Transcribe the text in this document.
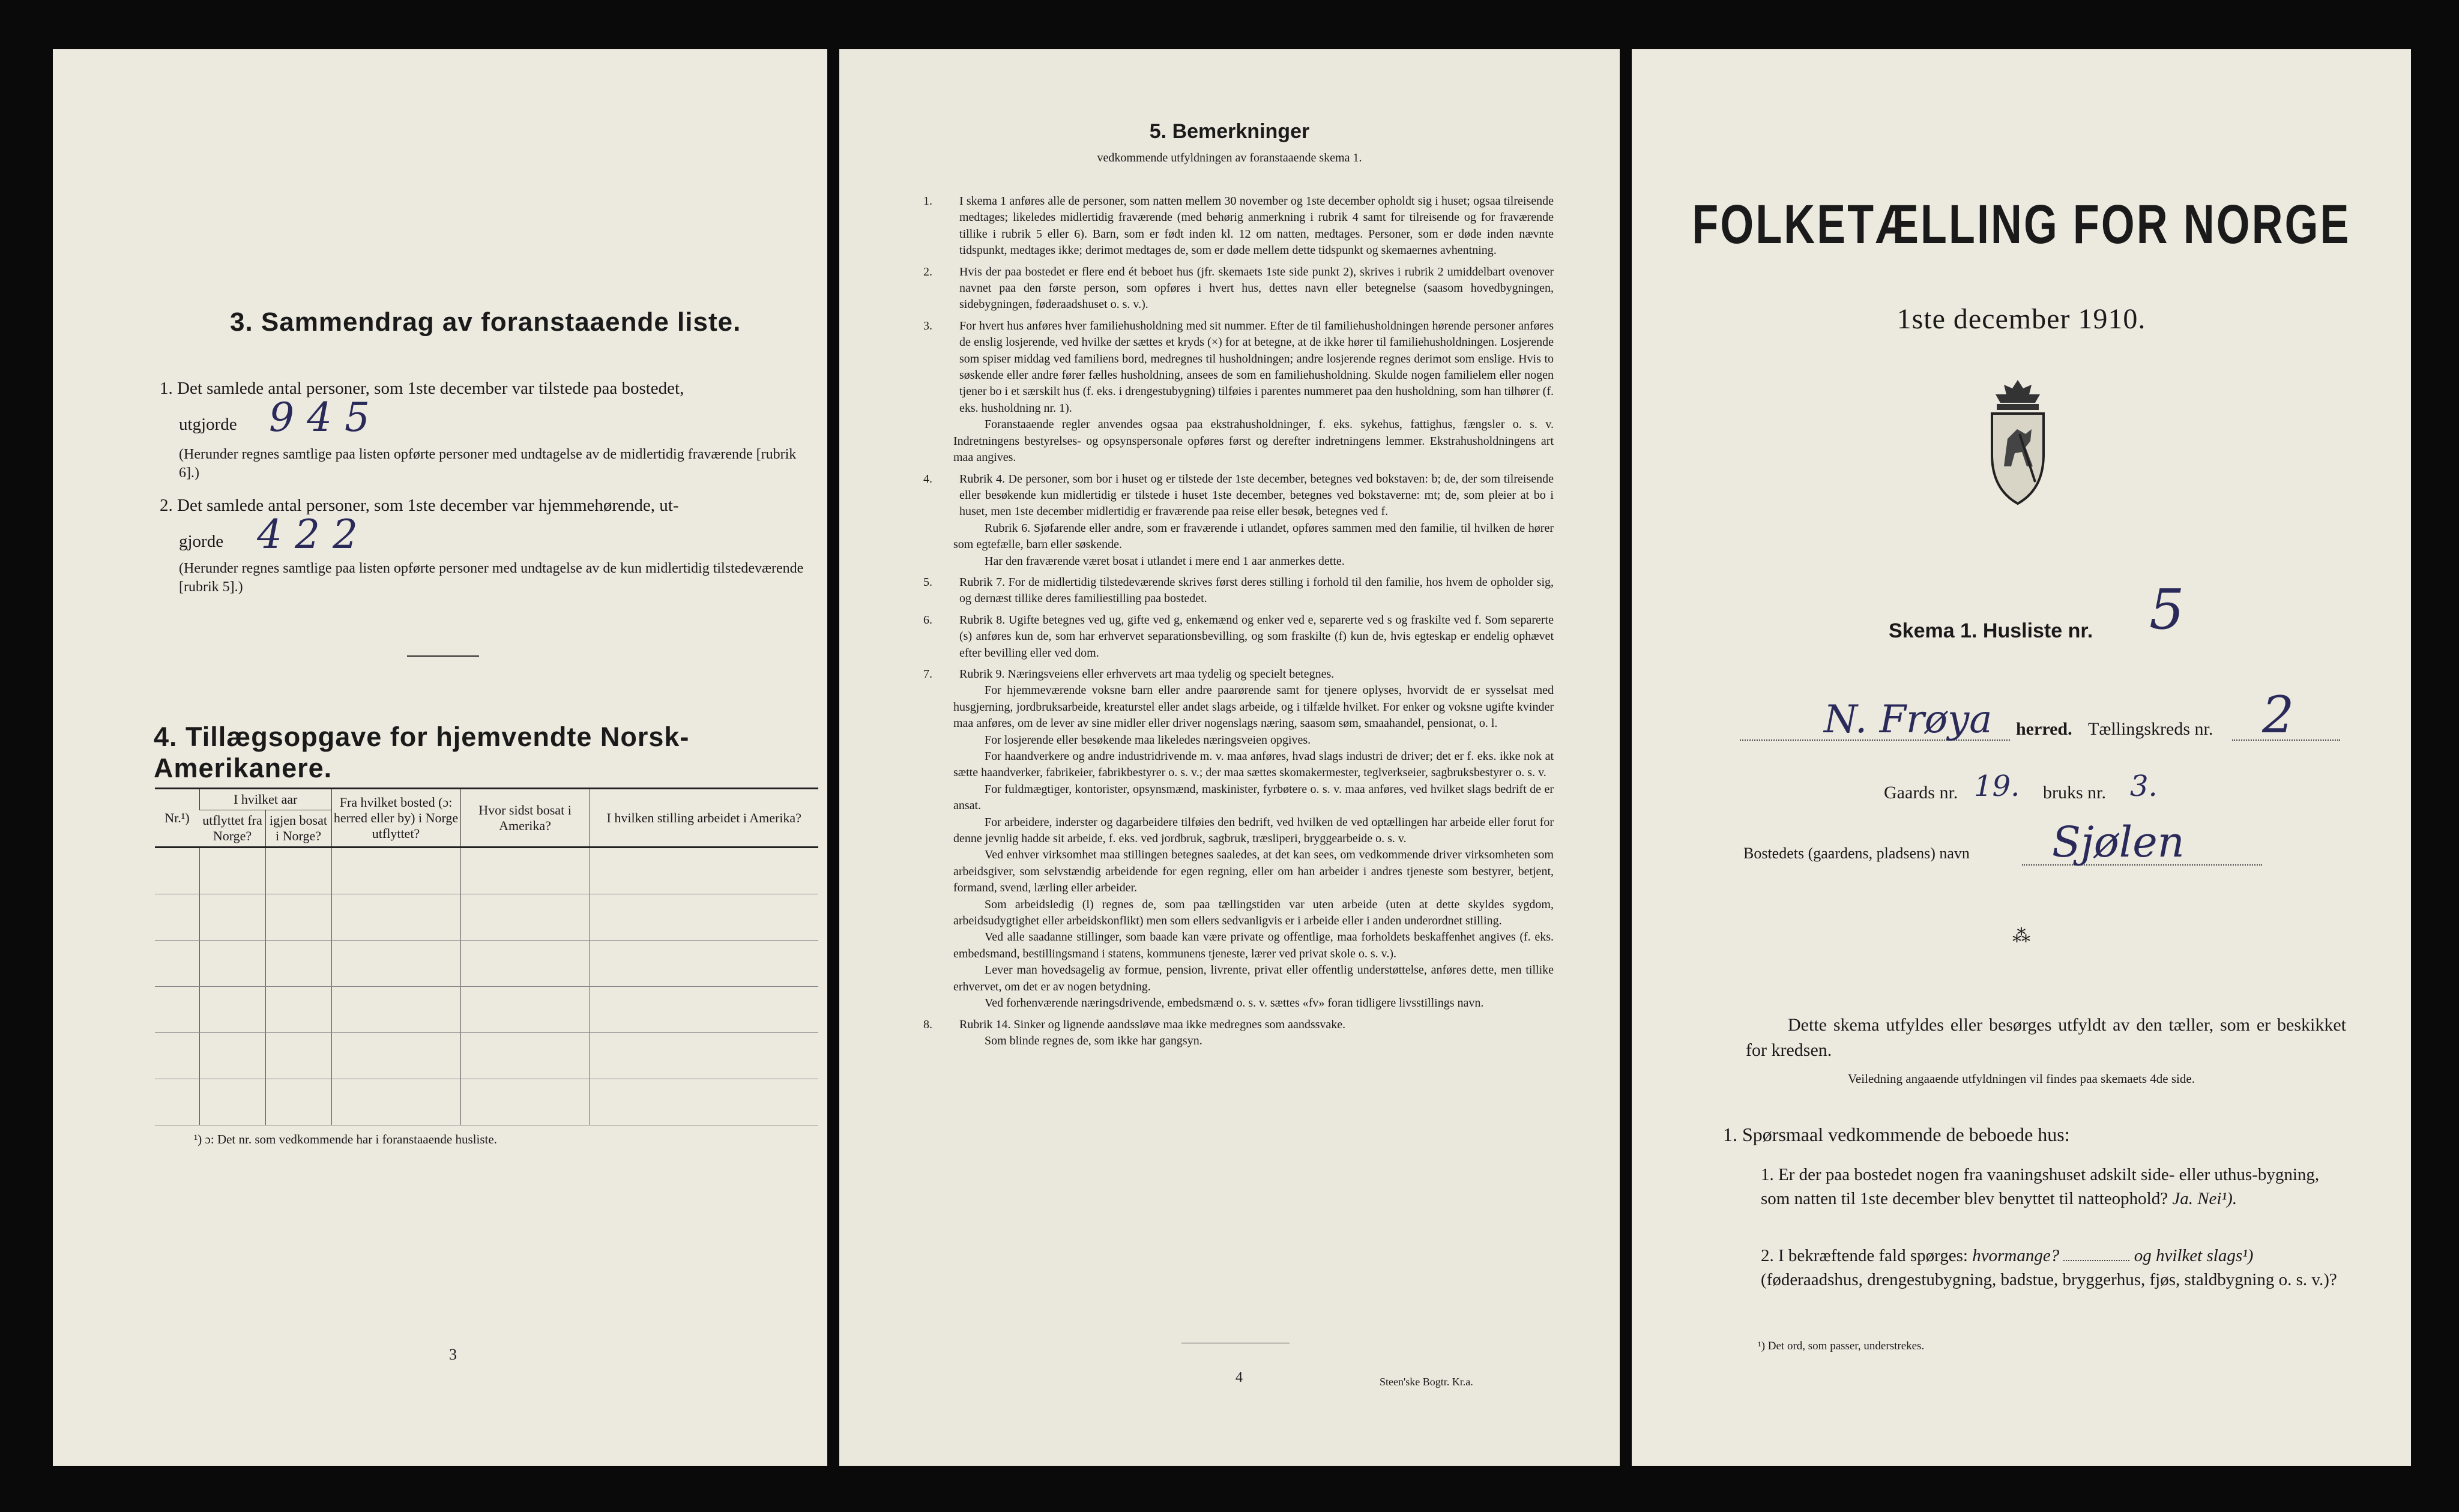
3. Sammendrag av foranstaaende liste.
1. Det samlede antal personer, som 1ste december var tilstede paa bostedet,
utgjorde 9 4 5
(Herunder regnes samtlige paa listen opførte personer med undtagelse av de midlertidig fraværende [rubrik 6].)
2. Det samlede antal personer, som 1ste december var hjemmehørende, ut-
gjorde 4 2 2
(Herunder regnes samtlige paa listen opførte personer med undtagelse av de kun midlertidig tilstedeværende [rubrik 5].)
4. Tillægsopgave for hjemvendte Norsk-Amerikanere.
Nr.¹)	I hvilket aar		Fra hvilket bosted (ɔ: herred eller by) i Norge utflyttet?	Hvor sidst bosat i Amerika?	I hvilken stilling arbeidet i Amerika?
	utflyttet fra Norge?	igjen bosat i Norge?			

¹) ɔ: Det nr. som vedkommende har i foranstaaende husliste.
3
5. Bemerkninger
vedkommende utfyldningen av foranstaaende skema 1.

1. I skema 1 anføres alle de personer, som natten mellem 30 november og 1ste december opholdt sig i huset; ogsaa tilreisende medtages; likeledes midlertidig fraværende (med behørig anmerkning i rubrik 4 samt for tilreisende og for fraværende tillike i rubrik 5 eller 6). Barn, som er født inden kl. 12 om natten, medtages. Personer, som er døde inden nævnte tidspunkt, medtages ikke; derimot medtages de, som er døde mellem dette tidspunkt og skemaernes avhentning.

2. Hvis der paa bostedet er flere end ét beboet hus (jfr. skemaets 1ste side punkt 2), skrives i rubrik 2 umiddelbart ovenover navnet paa den første person, som opføres i hvert hus, dettes navn eller betegnelse (saasom hovedbygningen, sidebygningen, føderaadshuset o. s. v.).

3. For hvert hus anføres hver familiehusholdning med sit nummer. Efter de til familiehusholdningen hørende personer anføres de enslig losjerende, ved hvilke der sættes et kryds (×) for at betegne, at de ikke hører til familiehusholdningen. Losjerende som spiser middag ved familiens bord, medregnes til husholdningen; andre losjerende regnes derimot som enslige. Hvis to søskende eller andre fører fælles husholdning, ansees de som en familiehusholdning. Skulde nogen familielem eller nogen tjener bo i et særskilt hus (f. eks. i drengestubygning) tilføies i parentes nummeret paa den husholdning, som han tilhører (f. eks. husholdning nr. 1).

Foranstaaende regler anvendes ogsaa paa ekstrahusholdninger, f. eks. sykehus, fattighus, fængsler o. s. v. Indretningens bestyrelses- og opsynspersonale opføres først og derefter indretningens lemmer. Ekstrahusholdningens art maa angives.

4. Rubrik 4. De personer, som bor i huset og er tilstede der 1ste december, betegnes ved bokstaven: b; de, der som tilreisende eller besøkende kun midlertidig er tilstede i huset 1ste december, betegnes ved bokstaverne: mt; de, som pleier at bo i huset, men 1ste december midlertidig er fraværende paa reise eller besøk, betegnes ved f.

Rubrik 6. Sjøfarende eller andre, som er fraværende i utlandet, opføres sammen med den familie, til hvilken de hører som egtefælle, barn eller søskende.

Har den fraværende været bosat i utlandet i mere end 1 aar anmerkes dette.

5. Rubrik 7. For de midlertidig tilstedeværende skrives først deres stilling i forhold til den familie, hos hvem de opholder sig, og dernæst tillike deres familiestilling paa bostedet.

6. Rubrik 8. Ugifte betegnes ved ug, gifte ved g, enkemænd og enker ved e, separerte ved s og fraskilte ved f. Som separerte (s) anføres kun de, som har erhvervet separationsbevilling, og som fraskilte (f) kun de, hvis egteskap er endelig ophævet efter bevilling eller ved dom.

7. Rubrik 9. Næringsveiens eller erhvervets art maa tydelig og specielt betegnes.

For hjemmeværende voksne barn eller andre paarørende samt for tjenere oplyses, hvorvidt de er sysselsat med husgjerning, jordbruksarbeide, kreaturstel eller andet slags arbeide, og i tilfælde hvilket. For enker og voksne ugifte kvinder maa anføres, om de lever av sine midler eller driver nogenslags næring, saasom søm, smaahandel, pensionat, o. l.

For losjerende eller besøkende maa likeledes næringsveien opgives.

For haandverkere og andre industridrivende m. v. maa anføres, hvad slags industri de driver; det er f. eks. ikke nok at sætte haandverker, fabrikeier, fabrikbestyrer o. s. v.; der maa sættes skomakermester, teglverkseier, sagbruksbestyrer o. s. v.

For fuldmægtiger, kontorister, opsynsmænd, maskinister, fyrbøtere o. s. v. maa anføres, ved hvilket slags bedrift de er ansat.

For arbeidere, inderster og dagarbeidere tilføies den bedrift, ved hvilken de ved optællingen har arbeide eller forut for denne jevnlig hadde sit arbeide, f. eks. ved jordbruk, sagbruk, træsliperi, bryggearbeide o. s. v.

Ved enhver virksomhet maa stillingen betegnes saaledes, at det kan sees, om vedkommende driver virksomheten som arbeidsgiver, som selvstændig arbeidende for egen regning, eller om han arbeider i andres tjeneste som bestyrer, betjent, formand, svend, lærling eller arbeider.

Som arbeidsledig (l) regnes de, som paa tællingstiden var uten arbeide (uten at dette skyldes sygdom, arbeidsudygtighet eller arbeidskonflikt) men som ellers sedvanligvis er i arbeide eller i anden underordnet stilling.

Ved alle saadanne stillinger, som baade kan være private og offentlige, maa forholdets beskaffenhet angives (f. eks. embedsmand, bestillingsmand i statens, kommunens tjeneste, lærer ved privat skole o. s. v.).

Lever man hovedsagelig av formue, pension, livrente, privat eller offentlig understøttelse, anføres dette, men tillike erhvervet, om det er av nogen betydning.

Ved forhenværende næringsdrivende, embedsmænd o. s. v. sættes «fv» foran tidligere livsstillings navn.

8. Rubrik 14. Sinker og lignende aandssløve maa ikke medregnes som aandssvake.

Som blinde regnes de, som ikke har gangsyn.

4	Steen'ske Bogtr. Kr.a.
FOLKETÆLLING FOR NORGE
1ste december 1910.
Skema 1. Husliste nr. 5
N. Frøya herred. Tællingskreds nr. 2
Gaards nr. 19. bruks nr. 3.
Bostedets (gaardens, pladsens) navn Sjølen
⁂
Dette skema utfyldes eller besørges utfyldt av den tæller, som er beskikket for kredsen.
Veiledning angaaende utfyldningen vil findes paa skemaets 4de side.
1. Spørsmaal vedkommende de beboede hus:
1. Er der paa bostedet nogen fra vaaningshuset adskilt side- eller uthus-bygning, som natten til 1ste december blev benyttet til natteophold? Ja. Nei¹).
2. I bekræftende fald spørges: hvormange?	og hvilket slags¹) (føderaadshus, drengestubygning, badstue, bryggerhus, fjøs, staldbygning o. s. v.)?
¹) Det ord, som passer, understrekes.
